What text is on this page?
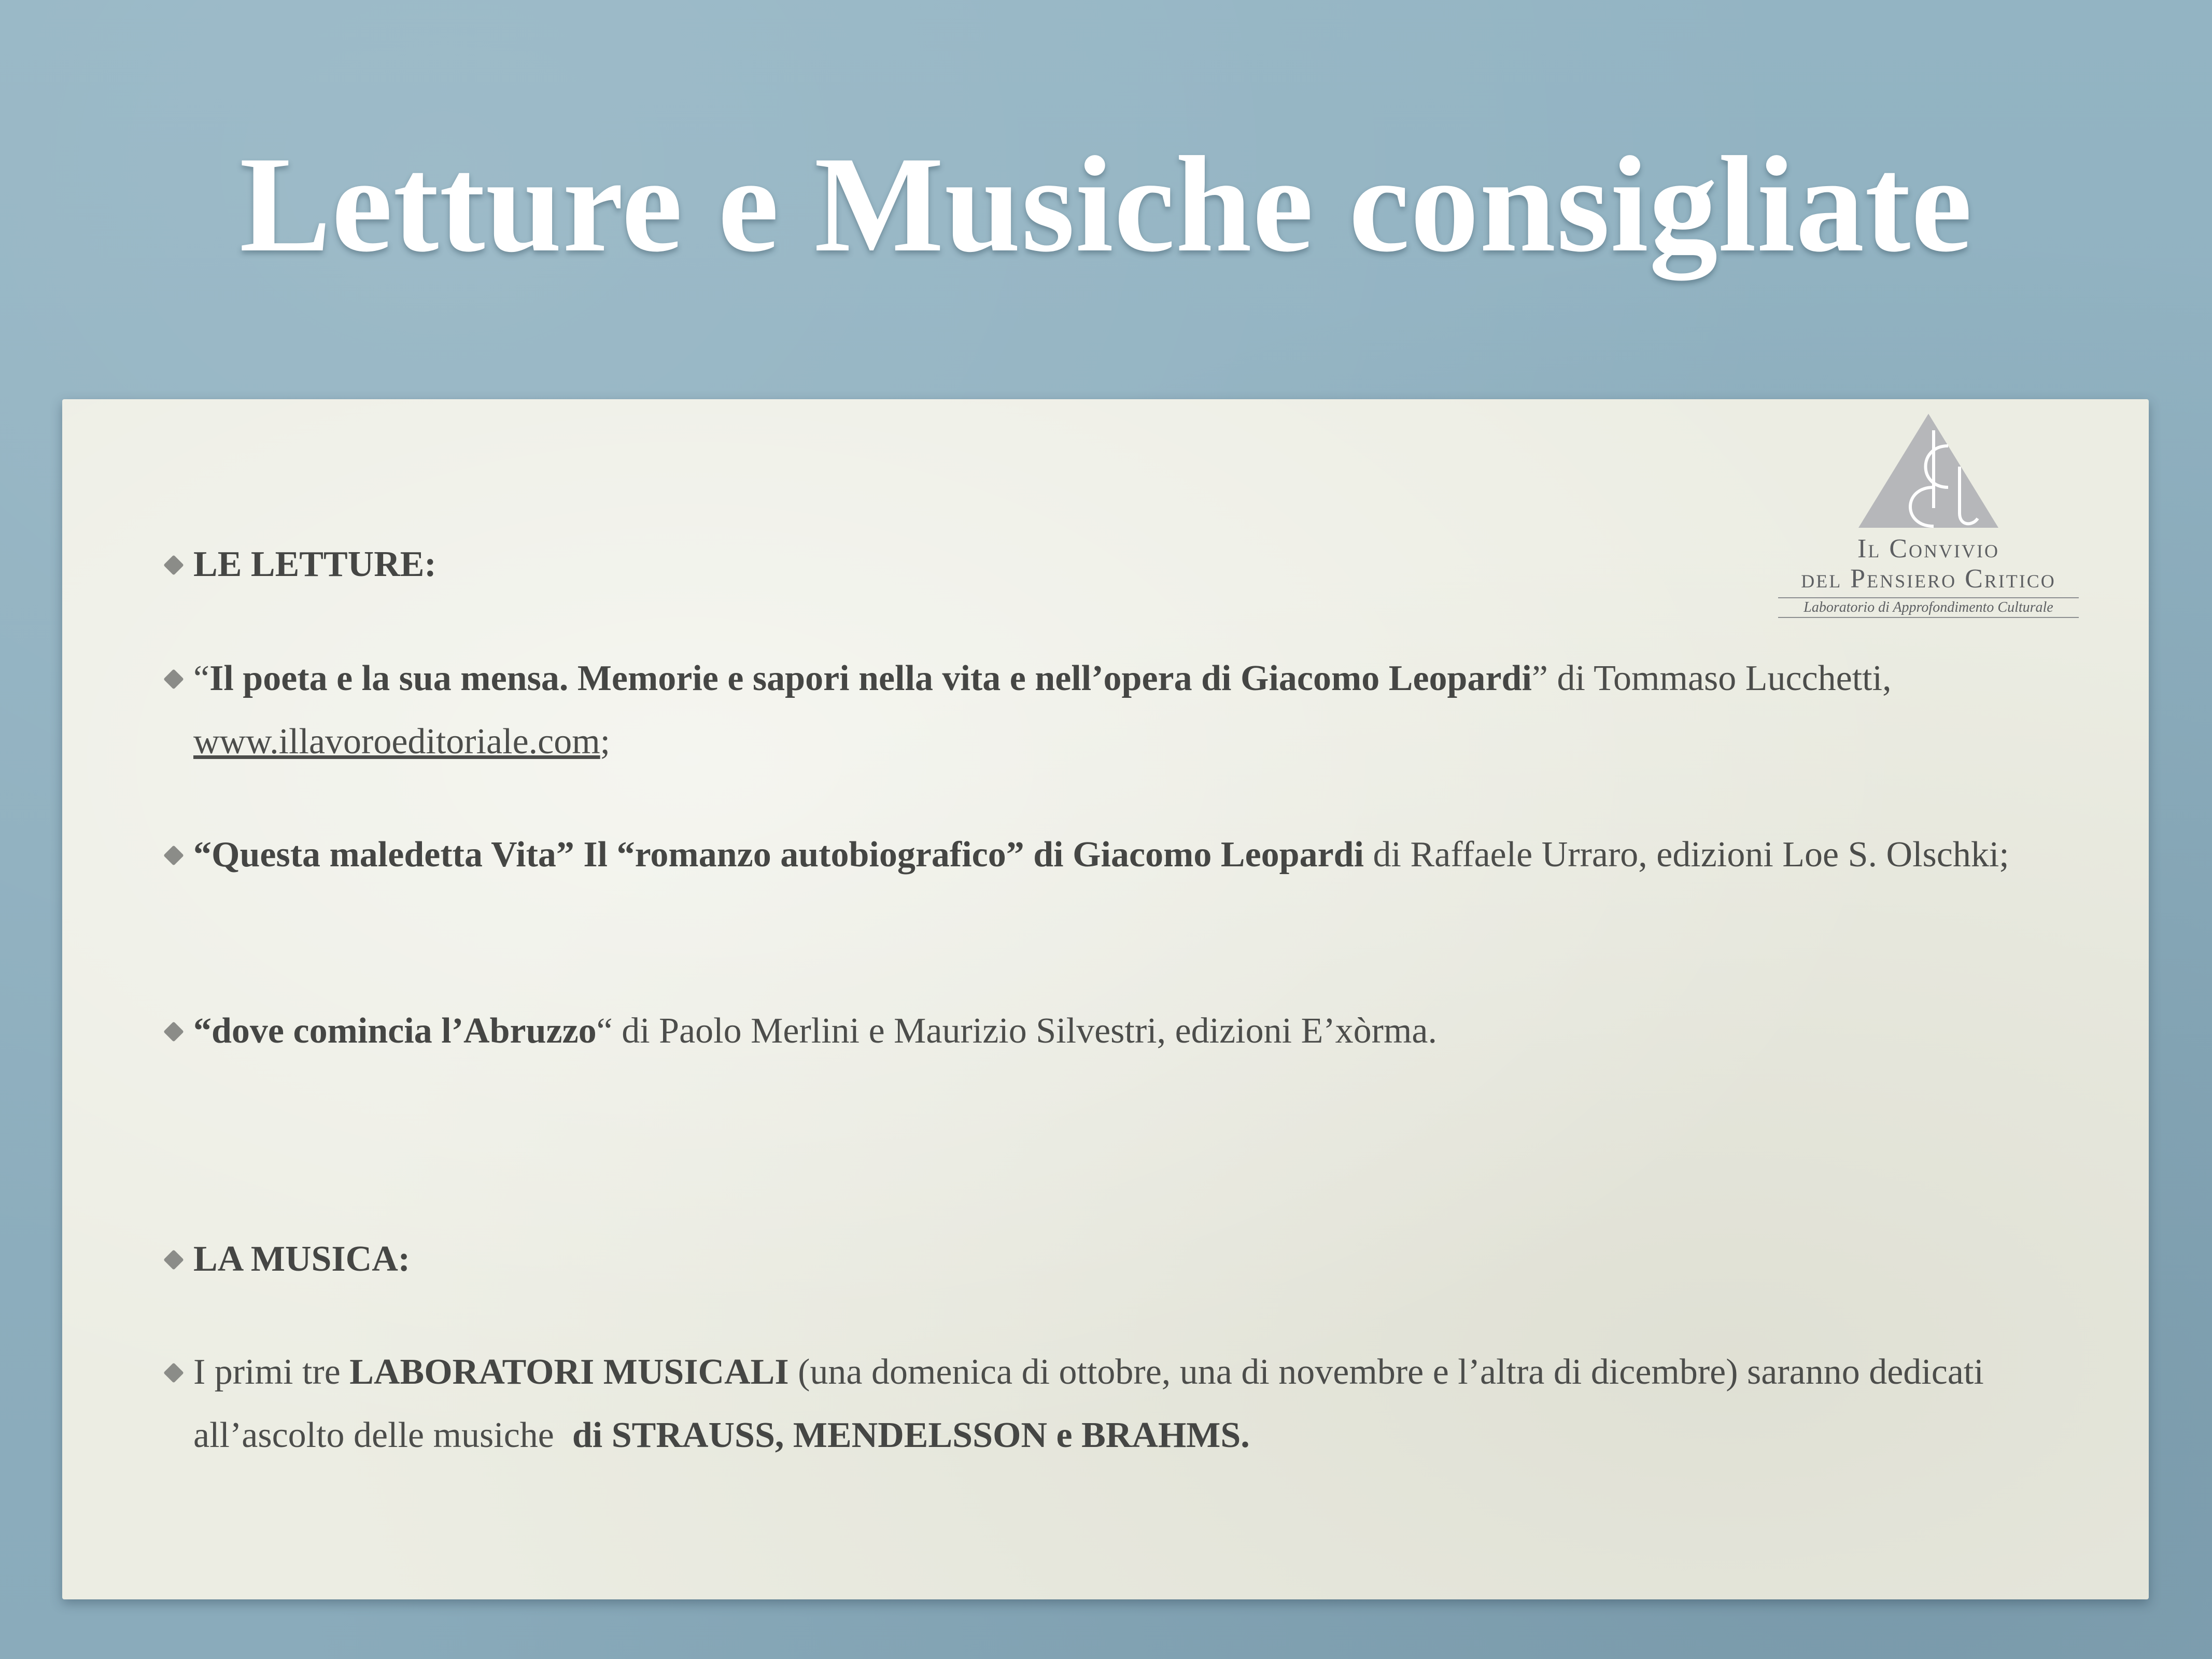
Letture e Musiche consigliate
Il Convivio
del Pensiero Critico
Laboratorio di Approfondimento Culturale
LE LETTURE:
“Il poeta e la sua mensa. Memorie e sapori nella vita e nell’opera di Giacomo Leopardi” di Tommaso Lucchetti, www.illavoroeditoriale.com;
“Questa maledetta Vita” Il “romanzo autobiografico” di Giacomo Leopardi di Raffaele Urraro, edizioni Loe S. Olschki;
“dove comincia l’Abruzzo“ di Paolo Merlini e Maurizio Silvestri, edizioni E’xòrma.
LA MUSICA:
I primi tre LABORATORI MUSICALI (una domenica di ottobre, una di novembre e l’altra di dicembre) saranno dedicati all’ascolto delle musiche  di STRAUSS, MENDELSSON e BRAHMS.
